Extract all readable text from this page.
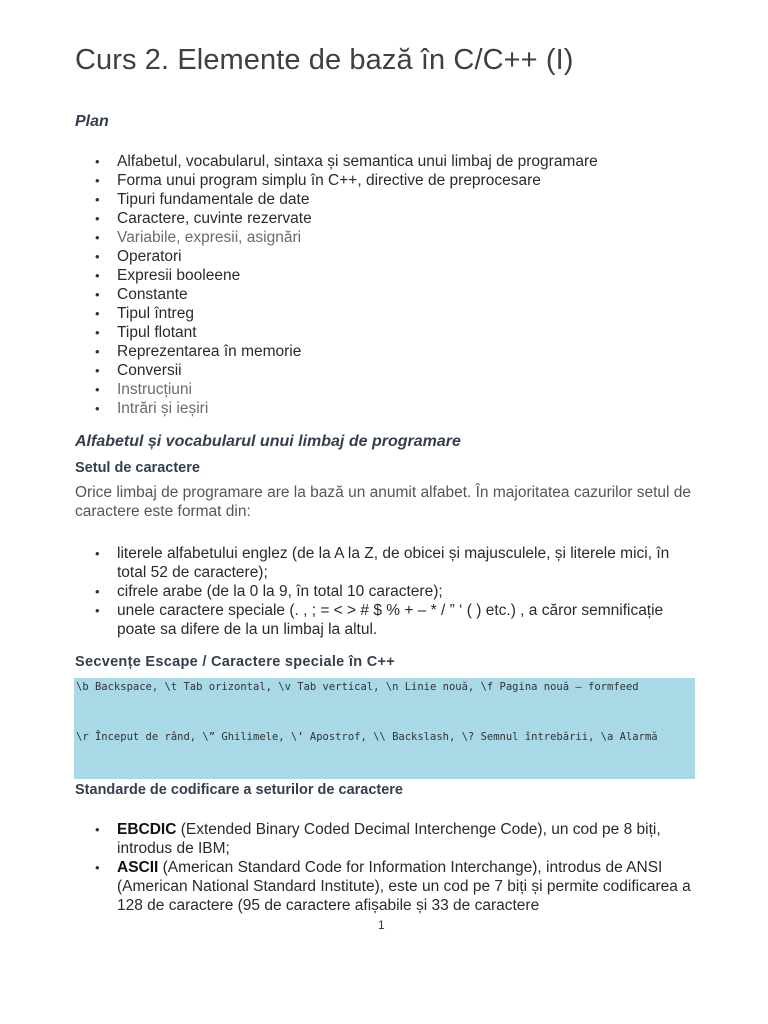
Curs 2. Elemente de bază în C/C++ (I)
Plan
• Alfabetul, vocabularul, sintaxa și semantica unui limbaj de programare
• Forma unui program simplu în C++, directive de preprocesare
• Tipuri fundamentale de date
• Caractere, cuvinte rezervate
• Variabile, expresii, asignări
• Operatori
• Expresii booleene
• Constante
• Tipul întreg
• Tipul flotant
• Reprezentarea în memorie
• Conversii
• Instrucțiuni
• Intrări și ieșiri
Alfabetul și vocabularul unui limbaj de programare
Setul de caractere

Orice limbaj de programare are la bază un anumit alfabet. În majoritatea cazurilor setul de caractere este format din:

• literele alfabetului englez (de la A la Z, de obicei și majusculele, și literele mici, în total 52 de caractere);
• cifrele arabe (de la 0 la 9, în total 10 caractere);
• unele caractere speciale (. , ; = < > # $ % + – * / ” ‘ ( ) etc.) , a căror semnificație poate sa difere de la un limbaj la altul.
Secvențe Escape / Caractere speciale în C++
\b Backspace, \t Tab orizontal, \v Tab vertical, \n Linie nouă, \f Pagina nouă – formfeed
\r Început de rând, \” Ghilimele, \’ Apostrof, \\ Backslash, \? Semnul întrebării, \a Alarmă
Standarde de codificare a seturilor de caractere
• EBCDIC (Extended Binary Coded Decimal Interchenge Code), un cod pe 8 biți, introdus de IBM;
• ASCII (American Standard Code for Information Interchange), introdus de ANSI (American National Standard Institute), este un cod pe 7 biți și permite codificarea a 128 de caractere (95 de caractere afișabile și 33 de caractere
1
